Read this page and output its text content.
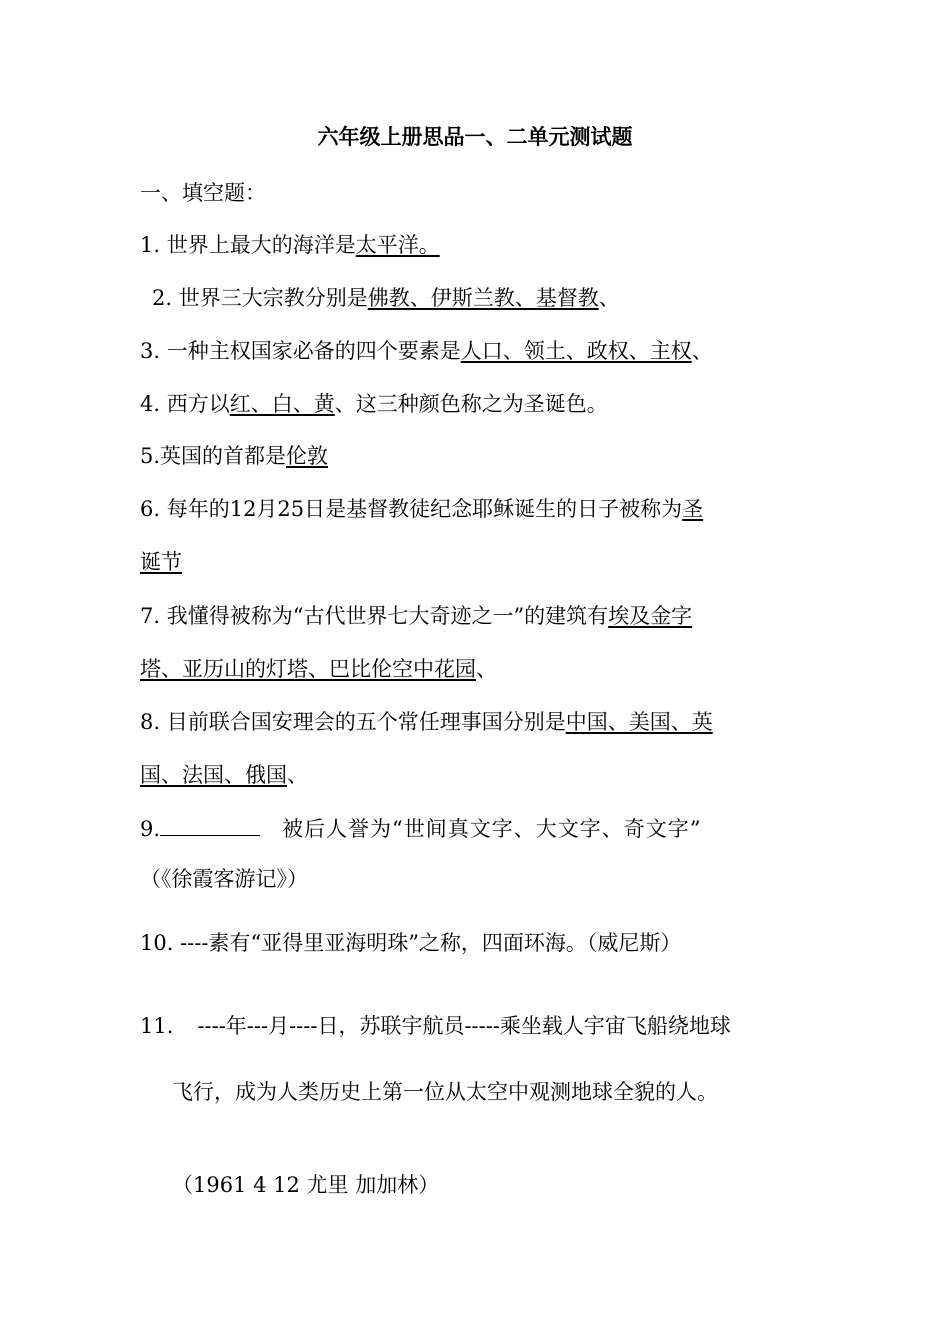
六年级上册思品一、二单元测试题
一、填空题：
1. 世界上最大的海洋是太平洋。
2. 世界三大宗教分别是佛教、伊斯兰教、基督教、
3. 一种主权国家必备的四个要素是人口、领土、政权、主权、
4. 西方以红、白、黄、这三种颜色称之为圣诞色。
5.英国的首都是伦敦
6. 每年的12月25日是基督教徒纪念耶稣诞生的日子被称为圣
诞节
7. 我懂得被称为“古代世界七大奇迹之一”的建筑有埃及金字
塔、亚历山的灯塔、巴比伦空中花园、
8. 目前联合国安理会的五个常任理事国分别是中国、美国、英
国、法国、俄国、
9.	被后人誉为“世间真文字、大文字、奇文字”
（《徐霞客游记》）
10. ----素有“亚得里亚海明珠”之称，四面环海。（威尼斯）
11. ----年---月----日，苏联宇航员-----乘坐载人宇宙飞船绕地球
飞行，成为人类历史上第一位从太空中观测地球全貌的人。
（1961 4 12 尤里 加加林）
